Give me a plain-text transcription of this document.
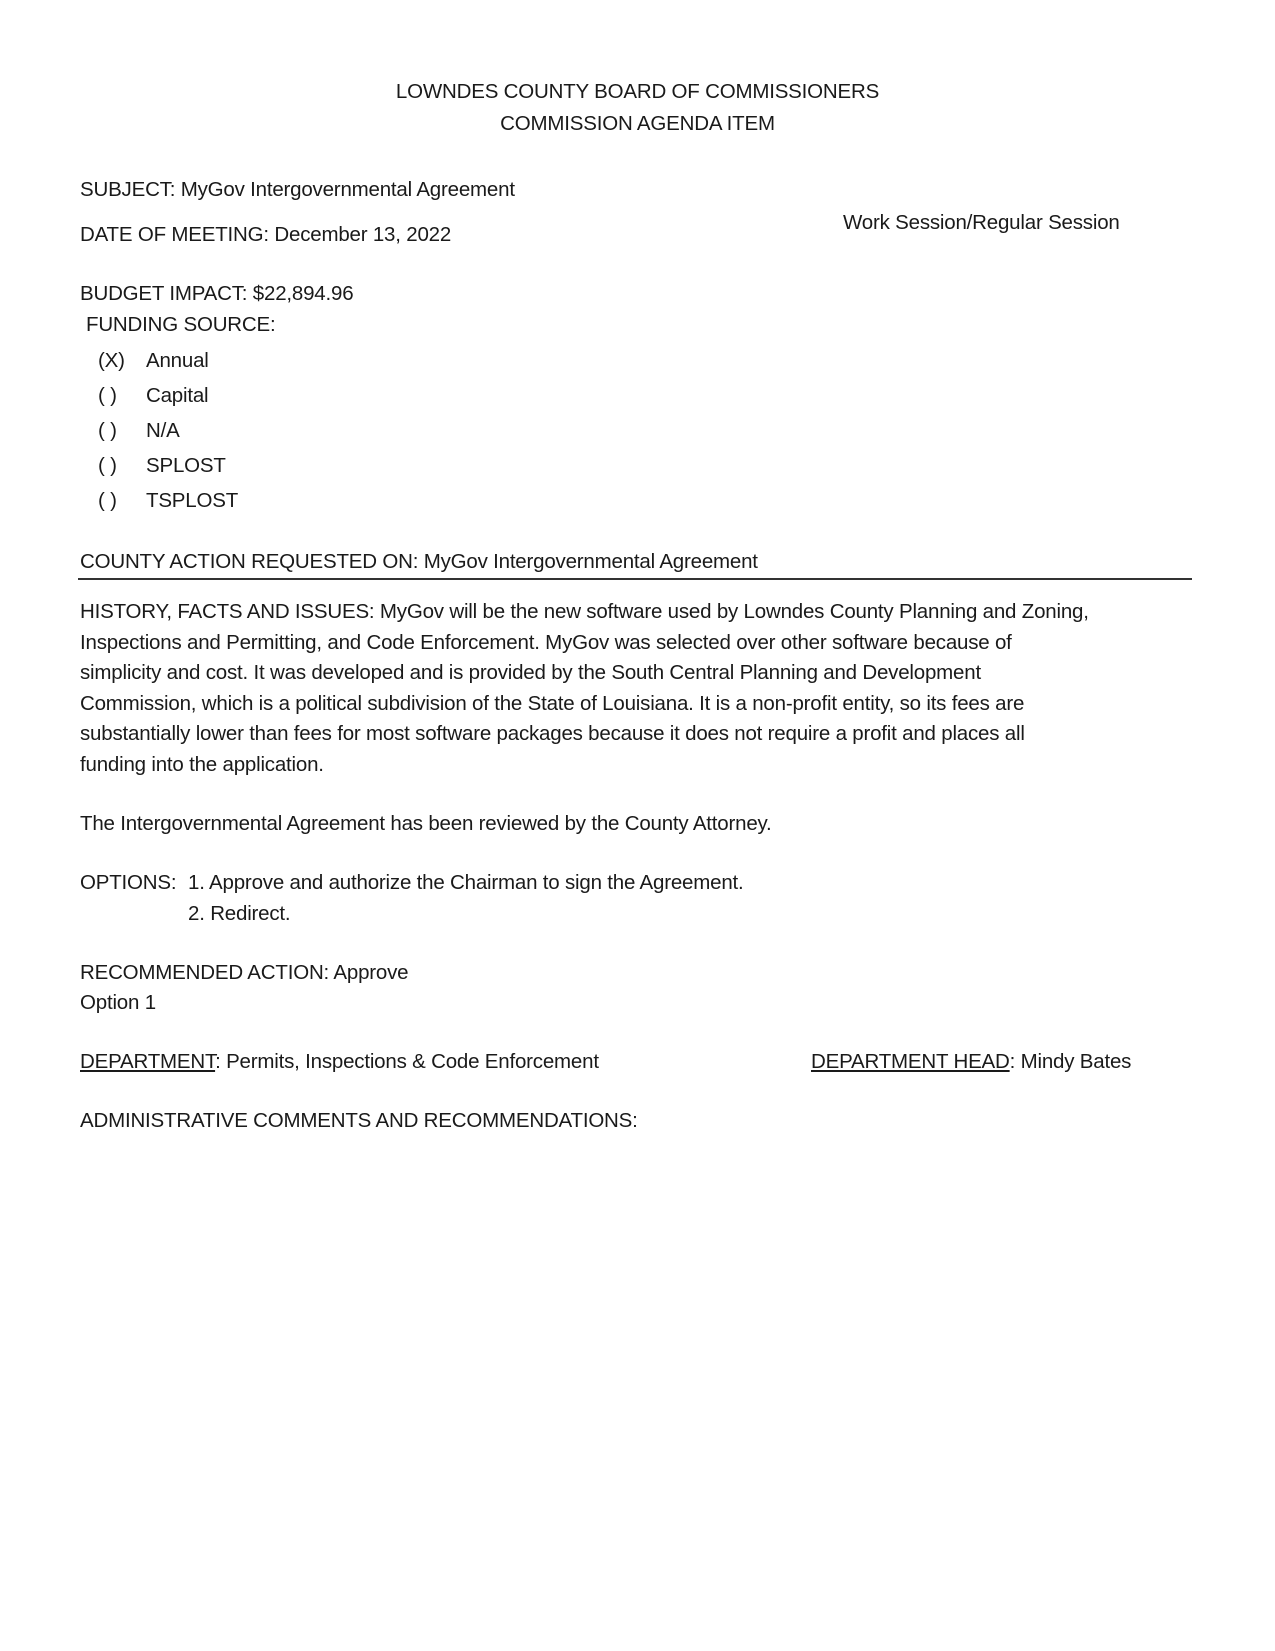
LOWNDES COUNTY BOARD OF COMMISSIONERS
COMMISSION AGENDA ITEM
SUBJECT: MyGov Intergovernmental Agreement
DATE OF MEETING: December 13, 2022
Work Session/Regular Session
BUDGET IMPACT: $22,894.96
FUNDING SOURCE:
(X) Annual
( ) Capital
( ) N/A
( ) SPLOST
( ) TSPLOST
COUNTY ACTION REQUESTED ON: MyGov Intergovernmental Agreement
HISTORY, FACTS AND ISSUES: MyGov will be the new software used by Lowndes County Planning and Zoning,
Inspections and Permitting, and Code Enforcement. MyGov was selected over other software because of
simplicity and cost. It was developed and is provided by the South Central Planning and Development
Commission, which is a political subdivision of the State of Louisiana. It is a non-profit entity, so its fees are
substantially lower than fees for most software packages because it does not require a profit and places all
funding into the application.
The Intergovernmental Agreement has been reviewed by the County Attorney.
OPTIONS: 1. Approve and authorize the Chairman to sign the Agreement.
2. Redirect.
RECOMMENDED ACTION: Approve
Option 1
DEPARTMENT: Permits, Inspections & Code Enforcement	DEPARTMENT HEAD: Mindy Bates
ADMINISTRATIVE COMMENTS AND RECOMMENDATIONS:
